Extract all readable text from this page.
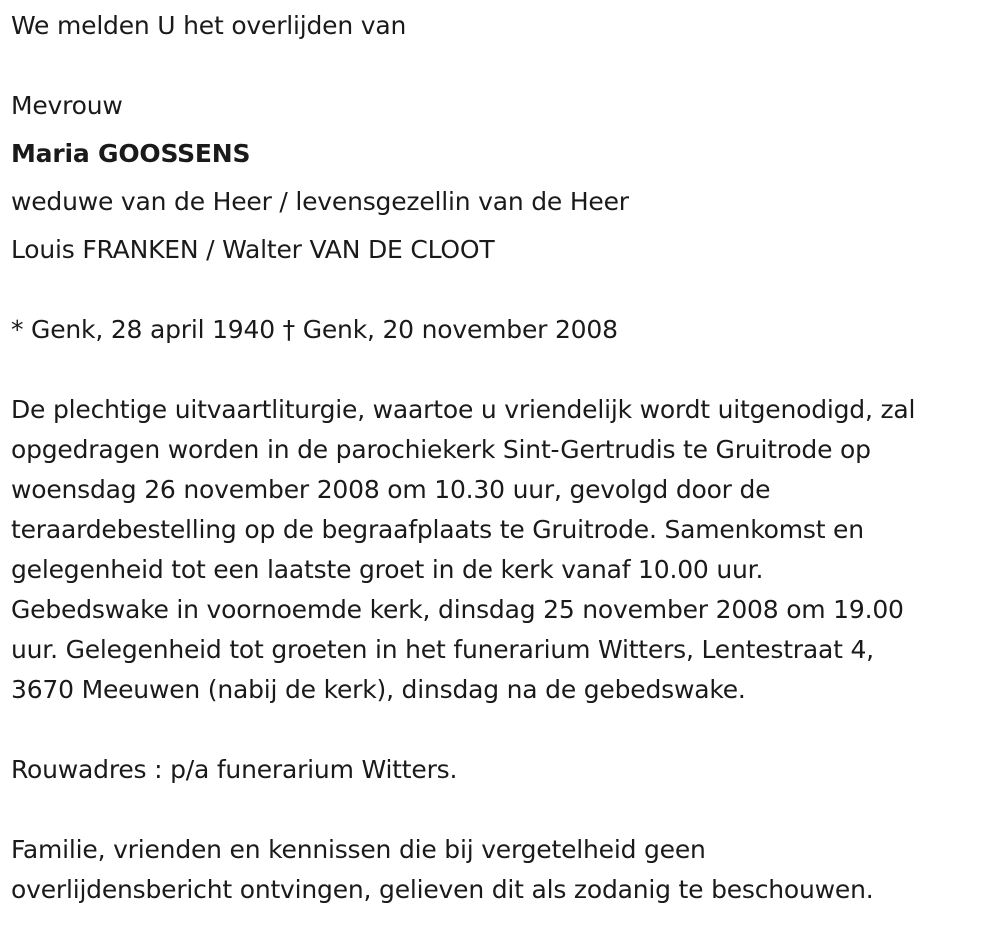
We melden U het overlijden van
Mevrouw
Maria GOOSSENS
weduwe van de Heer / levensgezellin van de Heer
Louis FRANKEN / Walter VAN DE CLOOT
* Genk, 28 april 1940 † Genk, 20 november 2008
De plechtige uitvaartliturgie, waartoe u vriendelijk wordt uitgenodigd, zal
opgedragen worden in de parochiekerk Sint-Gertrudis te Gruitrode op
woensdag 26 november 2008 om 10.30 uur, gevolgd door de
teraardebestelling op de begraafplaats te Gruitrode. Samenkomst en
gelegenheid tot een laatste groet in de kerk vanaf 10.00 uur.
Gebedswake in voornoemde kerk, dinsdag 25 november 2008 om 19.00
uur. Gelegenheid tot groeten in het funerarium Witters, Lentestraat 4,
3670 Meeuwen (nabij de kerk), dinsdag na de gebedswake.
Rouwadres : p/a funerarium Witters.
Familie, vrienden en kennissen die bij vergetelheid geen
overlijdensbericht ontvingen, gelieven dit als zodanig te beschouwen.
